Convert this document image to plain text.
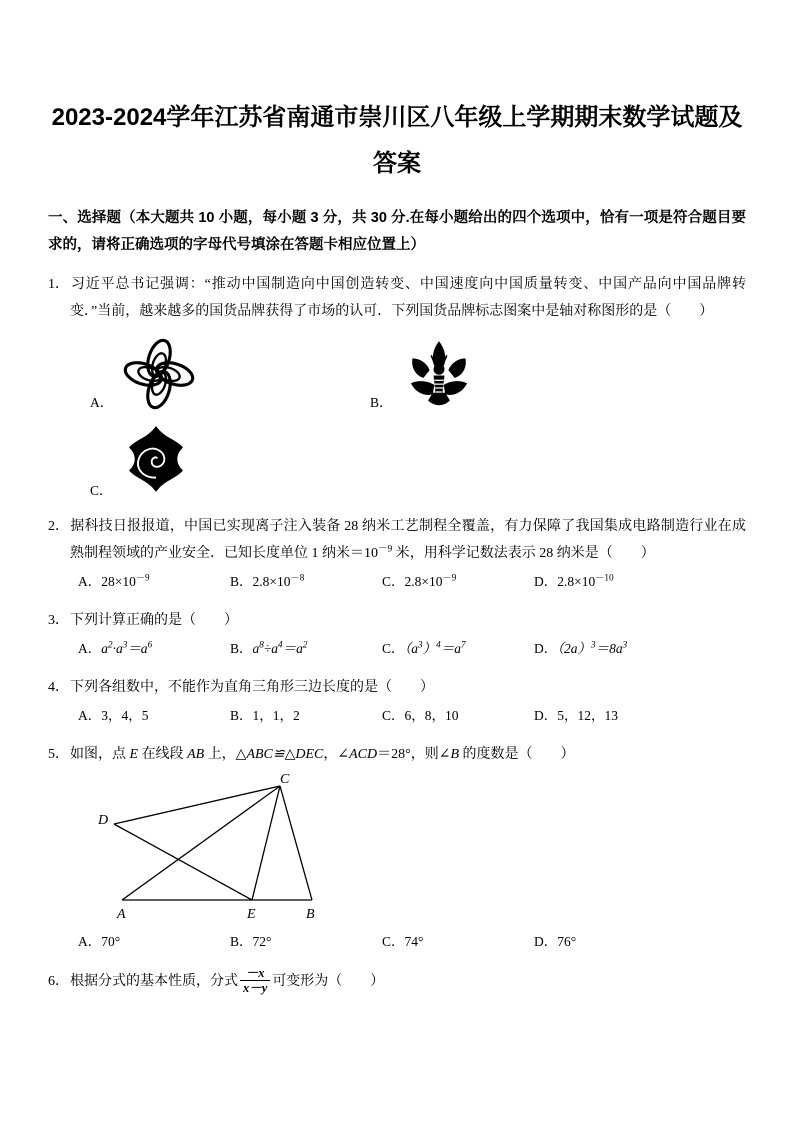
2023-2024学年江苏省南通市崇川区八年级上学期期末数学试题及答案
一、选择题（本大题共 10 小题，每小题 3 分，共 30 分.在每小题给出的四个选项中，恰有一项是符合题目要求的，请将正确选项的字母代号填涂在答题卡相应位置上）
1．习近平总书记强调：“推动中国制造向中国创造转变、中国速度向中国质量转变、中国产品向中国品牌转变．”当前，越来越多的国货品牌获得了市场的认可．下列国货品牌标志图案中是轴对称图形的是（　　）
A．	B．
C．
2．据科技日报报道，中国已实现离子注入装备 28 纳米工艺制程全覆盖，有力保障了我国集成电路制造行业在成熟制程领域的产业安全．已知长度单位 1 纳米$=10^{-9}$ 米，用科学记数法表示 28 纳米是（　　）
A．$28\times 10^{-9}$	B．$2.8\times 10^{-8}$	C．$2.8\times 10^{-9}$	D．$2.8\times 10^{-10}$
3．下列计算正确的是（　　）
A．$a^2\cdot a^3=a^6$	B．$a^8\div a^4=a^2$	C．$(a^3)^4=a^7$	D．$(2a)^3=8a^3$
4．下列各组数中，不能作为直角三角形三边长度的是（　　）
A．3，4，5	B．1，1，2	C．6，8，10	D．5，12，13
5．如图，点 E 在线段 AB 上，△ABC≌△DEC，∠ACD＝28°，则∠B 的度数是（　　）
A	B
C
D
E
A．70°	B．72°	C．74°	D．76°
6．根据分式的基本性质，分式 $\frac{-x}{x-y}$ 可变形为（　　）
